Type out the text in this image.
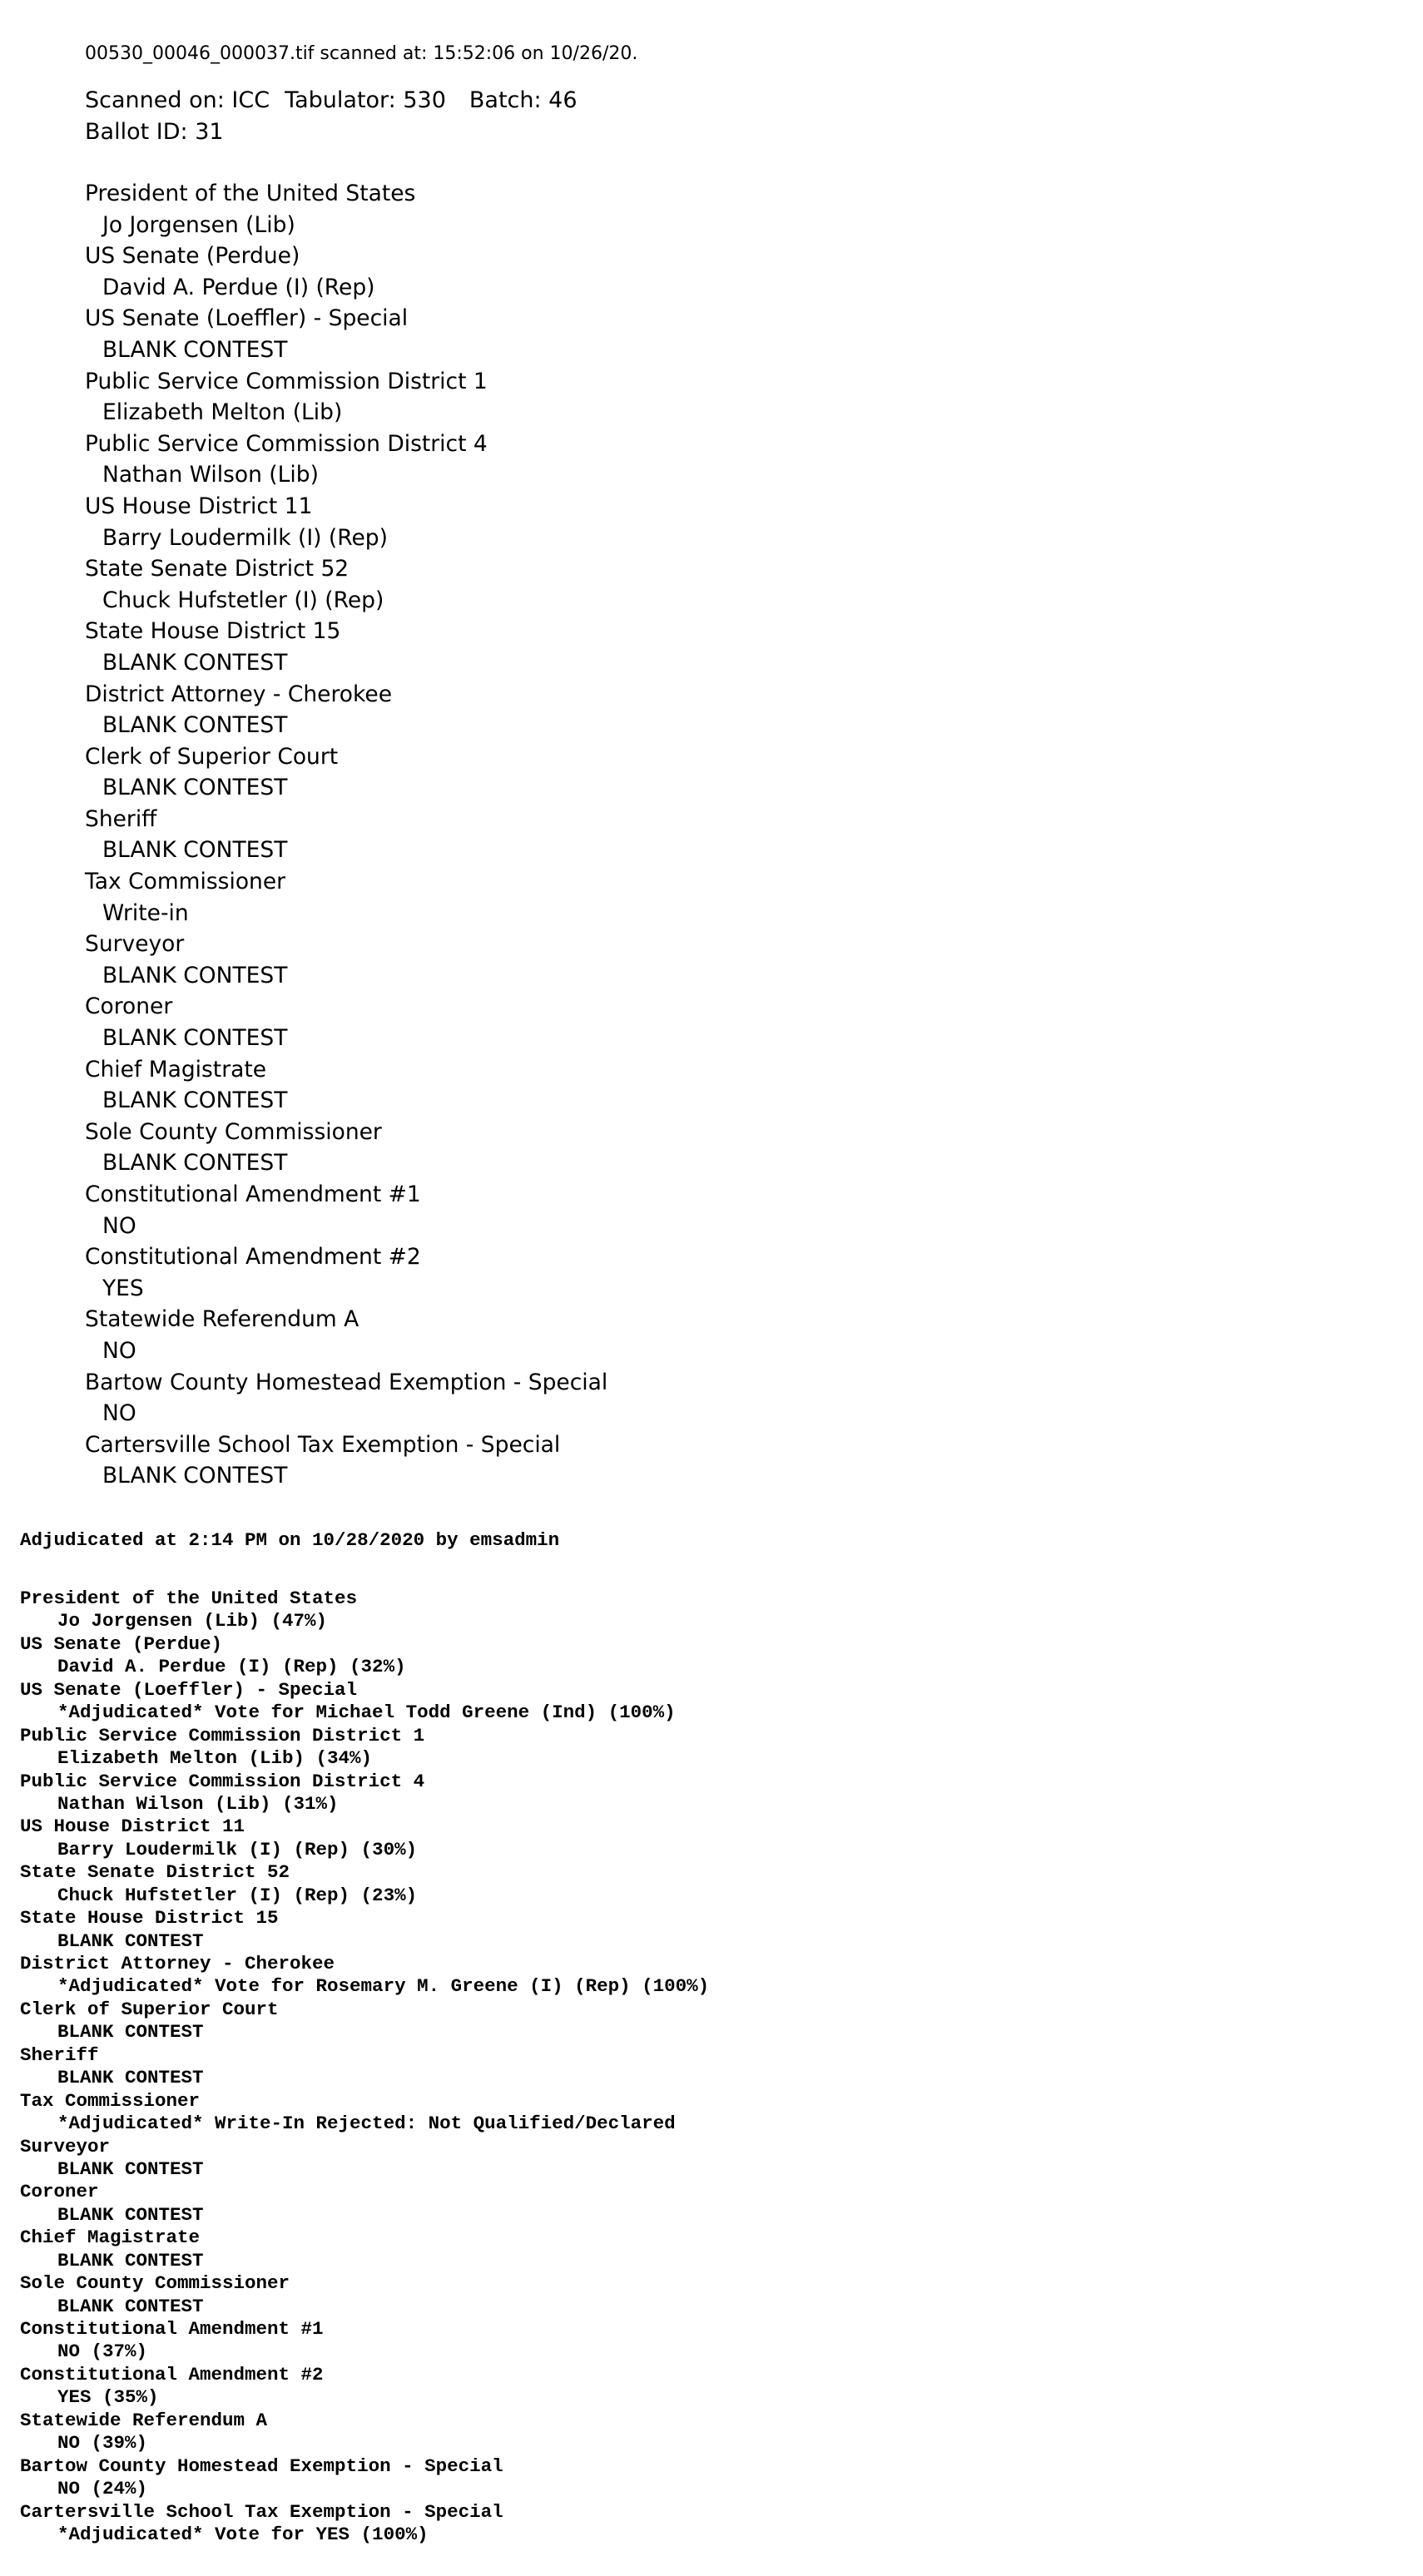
00530_00046_000037.tif scanned at: 15:52:06 on 10/26/20.
Scanned on: ICC Tabulator: 530 Batch: 46
Ballot ID: 31
President of the United States
Jo Jorgensen (Lib)
US Senate (Perdue)
David A. Perdue (I) (Rep)
US Senate (Loeffler) - Special
BLANK CONTEST
Public Service Commission District 1
Elizabeth Melton (Lib)
Public Service Commission District 4
Nathan Wilson (Lib)
US House District 11
Barry Loudermilk (I) (Rep)
State Senate District 52
Chuck Hufstetler (I) (Rep)
State House District 15
BLANK CONTEST
District Attorney - Cherokee
BLANK CONTEST
Clerk of Superior Court
BLANK CONTEST
Sheriff
BLANK CONTEST
Tax Commissioner
Write-in
Surveyor
BLANK CONTEST
Coroner
BLANK CONTEST
Chief Magistrate
BLANK CONTEST
Sole County Commissioner
BLANK CONTEST
Constitutional Amendment #1
NO
Constitutional Amendment #2
YES
Statewide Referendum A
NO
Bartow County Homestead Exemption - Special
NO
Cartersville School Tax Exemption - Special
BLANK CONTEST
Adjudicated at 2:14 PM on 10/28/2020 by emsadmin
President of the United States
Jo Jorgensen (Lib) (47%)
US Senate (Perdue)
David A. Perdue (I) (Rep) (32%)
US Senate (Loeffler) - Special
*Adjudicated* Vote for Michael Todd Greene (Ind) (100%)
Public Service Commission District 1
Elizabeth Melton (Lib) (34%)
Public Service Commission District 4
Nathan Wilson (Lib) (31%)
US House District 11
Barry Loudermilk (I) (Rep) (30%)
State Senate District 52
Chuck Hufstetler (I) (Rep) (23%)
State House District 15
BLANK CONTEST
District Attorney - Cherokee
*Adjudicated* Vote for Rosemary M. Greene (I) (Rep) (100%)
Clerk of Superior Court
BLANK CONTEST
Sheriff
BLANK CONTEST
Tax Commissioner
*Adjudicated* Write-In Rejected: Not Qualified/Declared
Surveyor
BLANK CONTEST
Coroner
BLANK CONTEST
Chief Magistrate
BLANK CONTEST
Sole County Commissioner
BLANK CONTEST
Constitutional Amendment #1
NO (37%)
Constitutional Amendment #2
YES (35%)
Statewide Referendum A
NO (39%)
Bartow County Homestead Exemption - Special
NO (24%)
Cartersville School Tax Exemption - Special
*Adjudicated* Vote for YES (100%)
